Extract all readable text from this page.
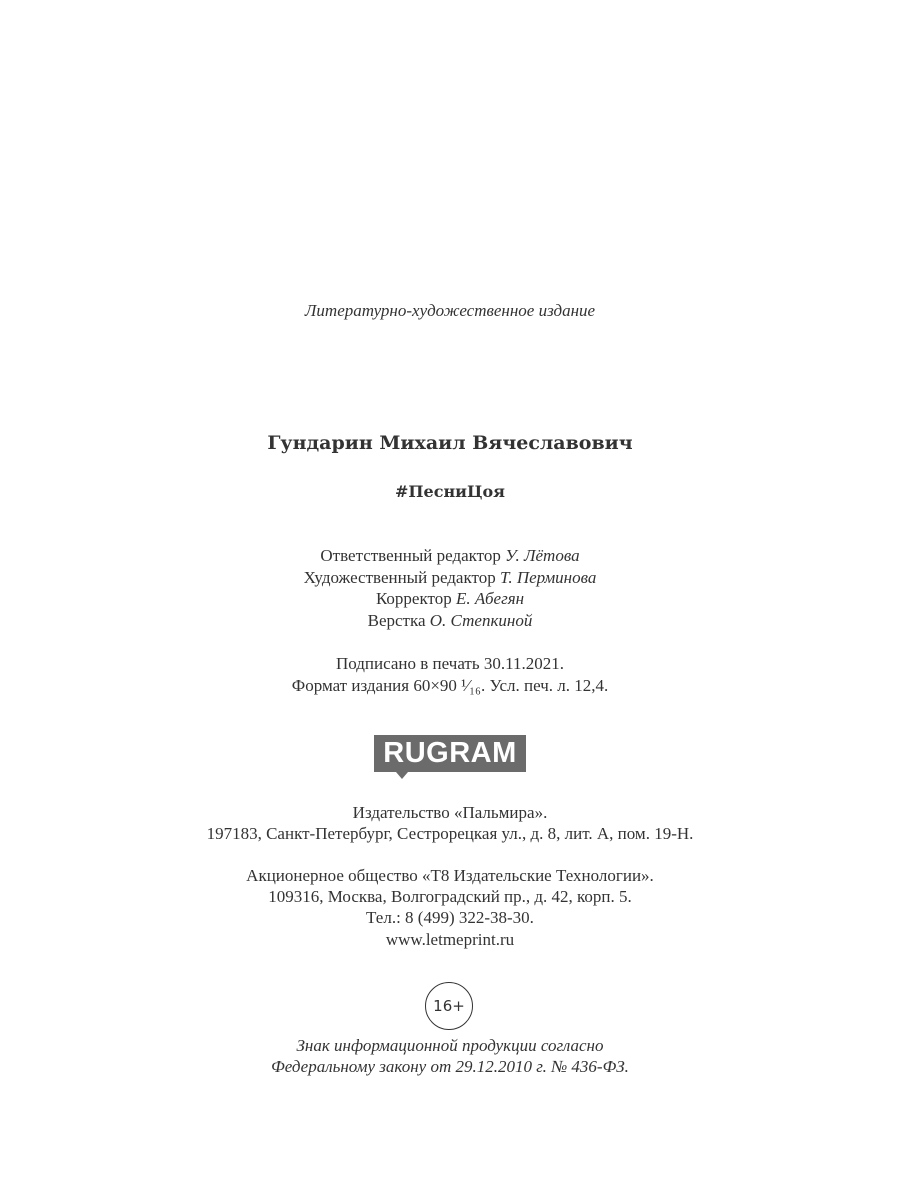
Литературно-художественное издание
Гундарин Михаил Вячеславович
#ПесниЦоя
Ответственный редактор У. Лётова
Художественный редактор Т. Перминова
Корректор Е. Абегян
Верстка О. Степкиной
Подписано в печать 30.11.2021.
Формат издания 60×90 ¹⁄₁₆. Усл. печ. л. 12,4.
RUGRAM
Издательство «Пальмира».
197183, Санкт-Петербург, Сестрорецкая ул., д. 8, лит. А, пом. 19-Н.
Акционерное общество «Т8 Издательские Технологии».
109316, Москва, Волгоградский пр., д. 42, корп. 5.
Тел.: 8 (499) 322-38-30.
www.letmeprint.ru
16+
Знак информационной продукции согласно
Федеральному закону от 29.12.2010 г. № 436-ФЗ.
